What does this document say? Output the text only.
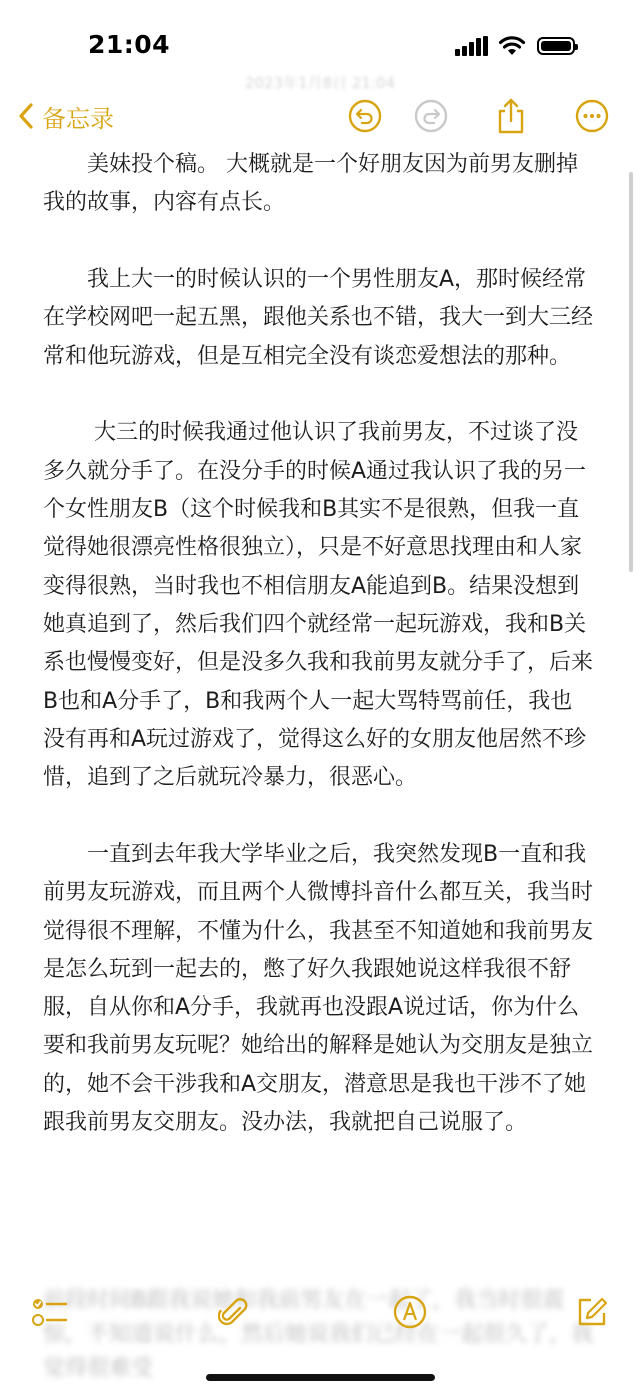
21:04
2023年1月8日 21:04
备忘录

美妹投个稿。 大概就是一个好朋友因为前男友删掉我的故事，内容有点长。

我上大一的时候认识的一个男性朋友A，那时候经常在学校网吧一起五黑，跟他关系也不错，我大一到大三经常和他玩游戏，但是互相完全没有谈恋爱想法的那种。

大三的时候我通过他认识了我前男友，不过谈了没多久就分手了。在没分手的时候A通过我认识了我的另一个女性朋友B（这个时候我和B其实不是很熟，但我一直觉得她很漂亮性格很独立），只是不好意思找理由和人家变得很熟，当时我也不相信朋友A能追到B。结果没想到她真追到了，然后我们四个就经常一起玩游戏，我和B关系也慢慢变好，但是没多久我和我前男友就分手了，后来B也和A分手了，B和我两个人一起大骂特骂前任，我也没有再和A玩过游戏了，觉得这么好的女朋友他居然不珍惜，追到了之后就玩冷暴力，很恶心。

一直到去年我大学毕业之后，我突然发现B一直和我前男友玩游戏，而且两个人微博抖音什么都互关，我当时觉得很不理解，不懂为什么，我甚至不知道她和我前男友是怎么玩到一起去的，憋了好久我跟她说这样我很不舒服，自从你和A分手，我就再也没跟A说过话，你为什么要和我前男友玩呢？她给出的解释是她认为交朋友是独立的，她不会干涉我和A交朋友，潜意思是我也干涉不了她跟我前男友交朋友。没办法，我就把自己说服了。

前段时间B跟我说她和我前男友在一起了，我当时很震惊，不知道说什么，然后她说我们已经在一起很久了，我觉得很难受
